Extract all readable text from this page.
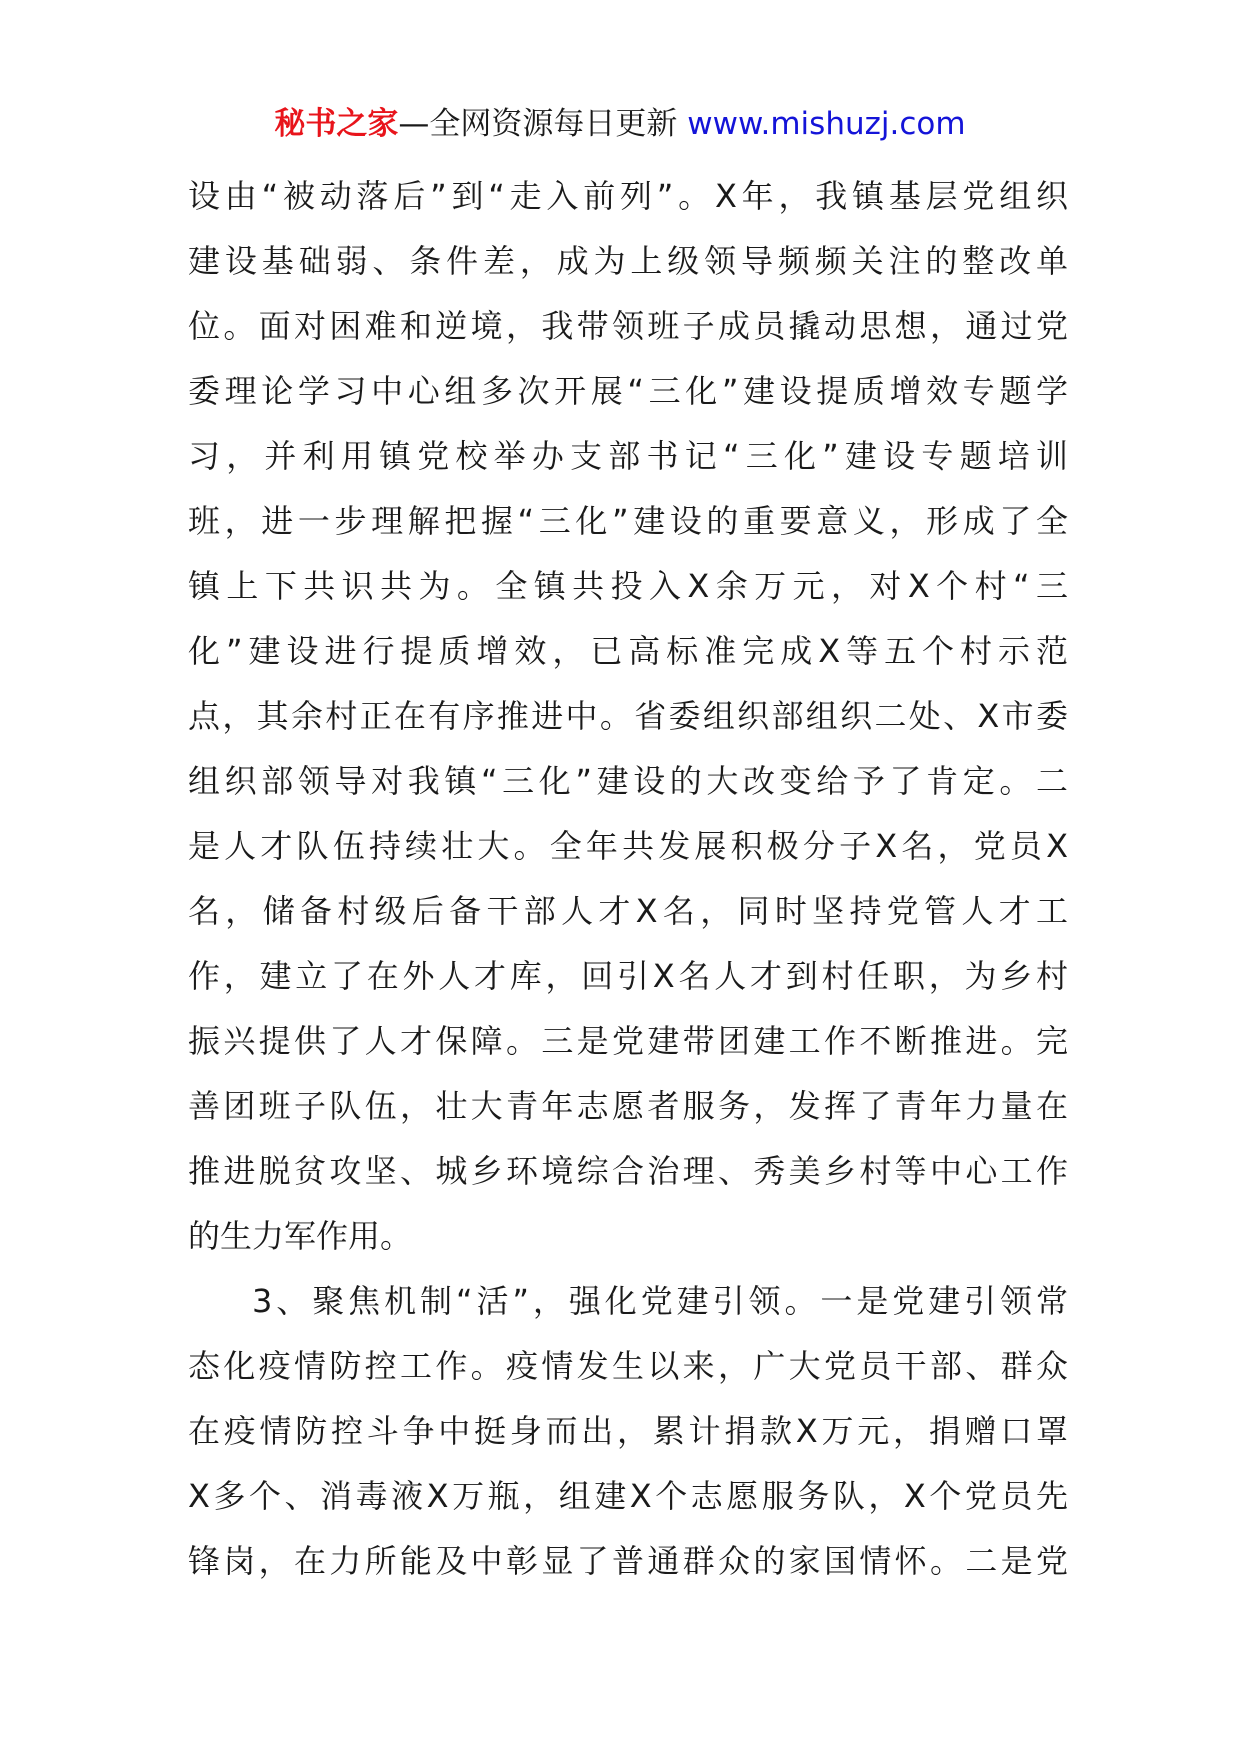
秘书之家—全网资源每日更新 www.mishuzj.com
设由“被动落后”到“走入前列”。X年，我镇基层党组织
建设基础弱、条件差，成为上级领导频频关注的整改单
位。面对困难和逆境，我带领班子成员撬动思想，通过党
委理论学习中心组多次开展“三化”建设提质增效专题学
习，并利用镇党校举办支部书记“三化”建设专题培训
班，进一步理解把握“三化”建设的重要意义，形成了全
镇上下共识共为。全镇共投入X余万元，对X个村“三
化”建设进行提质增效，已高标准完成X等五个村示范
点，其余村正在有序推进中。省委组织部组织二处、X市委
组织部领导对我镇“三化”建设的大改变给予了肯定。二
是人才队伍持续壮大。全年共发展积极分子X名，党员X
名，储备村级后备干部人才X名，同时坚持党管人才工
作，建立了在外人才库，回引X名人才到村任职，为乡村
振兴提供了人才保障。三是党建带团建工作不断推进。完
善团班子队伍，壮大青年志愿者服务，发挥了青年力量在
推进脱贫攻坚、城乡环境综合治理、秀美乡村等中心工作
的生力军作用。
3、聚焦机制“活”，强化党建引领。一是党建引领常
态化疫情防控工作。疫情发生以来，广大党员干部、群众
在疫情防控斗争中挺身而出，累计捐款X万元，捐赠口罩
X多个、消毒液X万瓶，组建X个志愿服务队，X个党员先
锋岗，在力所能及中彰显了普通群众的家国情怀。二是党
